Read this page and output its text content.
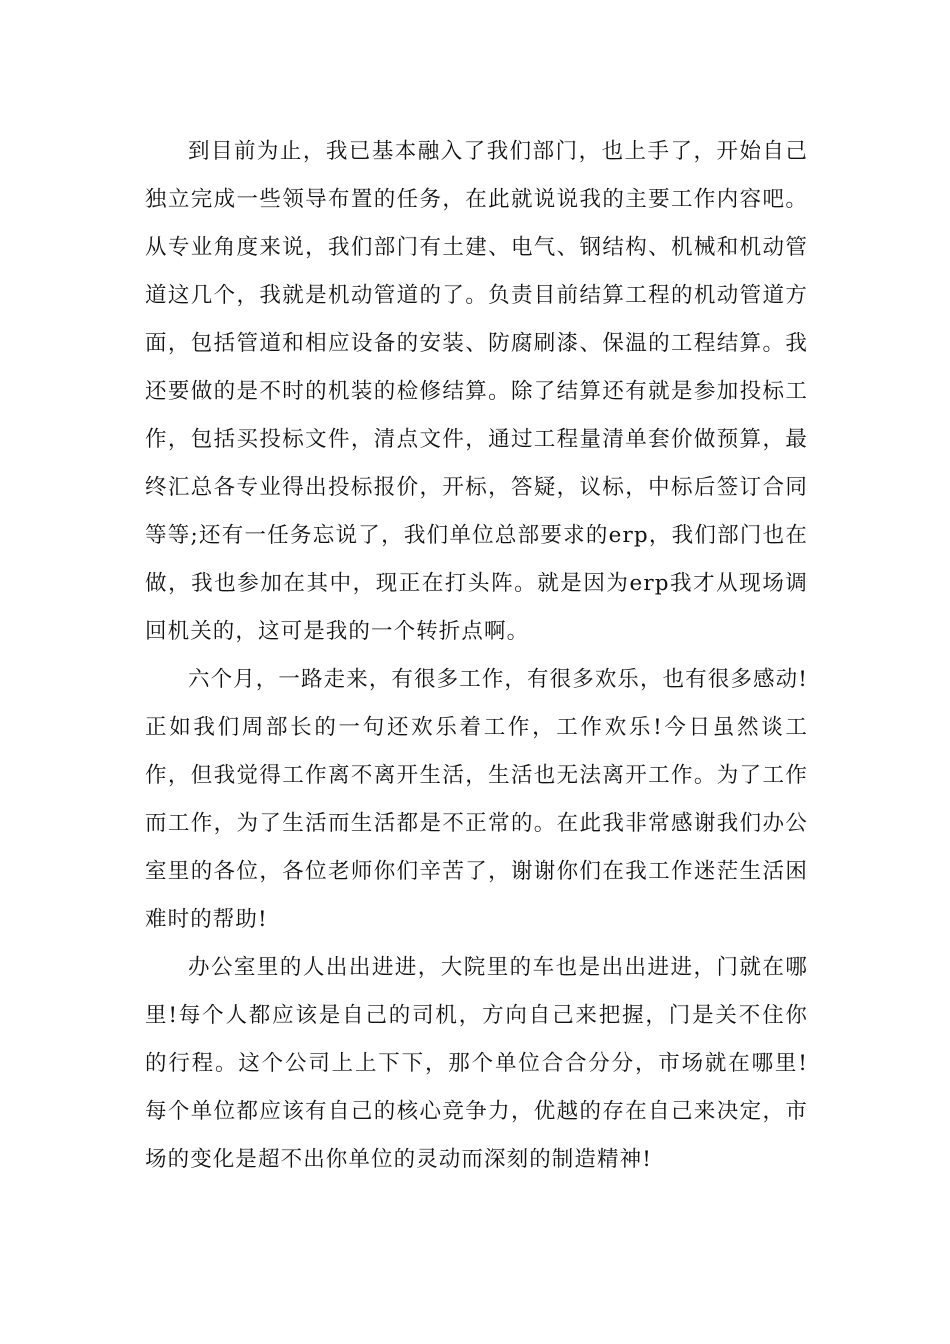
到目前为止，我已基本融入了我们部门，也上手了，开始自己独立完成一些领导布置的任务，在此就说说我的主要工作内容吧。从专业角度来说，我们部门有土建、电气、钢结构、机械和机动管道这几个，我就是机动管道的了。负责目前结算工程的机动管道方面，包括管道和相应设备的安装、防腐刷漆、保温的工程结算。我还要做的是不时的机装的检修结算。除了结算还有就是参加投标工作，包括买投标文件，清点文件，通过工程量清单套价做预算，最终汇总各专业得出投标报价，开标，答疑，议标，中标后签订合同等等;还有一任务忘说了，我们单位总部要求的erp，我们部门也在做，我也参加在其中，现正在打头阵。就是因为erp我才从现场调回机关的，这可是我的一个转折点啊。

六个月，一路走来，有很多工作，有很多欢乐，也有很多感动!正如我们周部长的一句还欢乐着工作，工作欢乐!今日虽然谈工作，但我觉得工作离不离开生活，生活也无法离开工作。为了工作而工作，为了生活而生活都是不正常的。在此我非常感谢我们办公室里的各位，各位老师你们辛苦了，谢谢你们在我工作迷茫生活困难时的帮助!

办公室里的人出出进进，大院里的车也是出出进进，门就在哪里!每个人都应该是自己的司机，方向自己来把握，门是关不住你的行程。这个公司上上下下，那个单位合合分分，市场就在哪里!每个单位都应该有自己的核心竞争力，优越的存在自己来决定，市场的变化是超不出你单位的灵动而深刻的制造精神!
